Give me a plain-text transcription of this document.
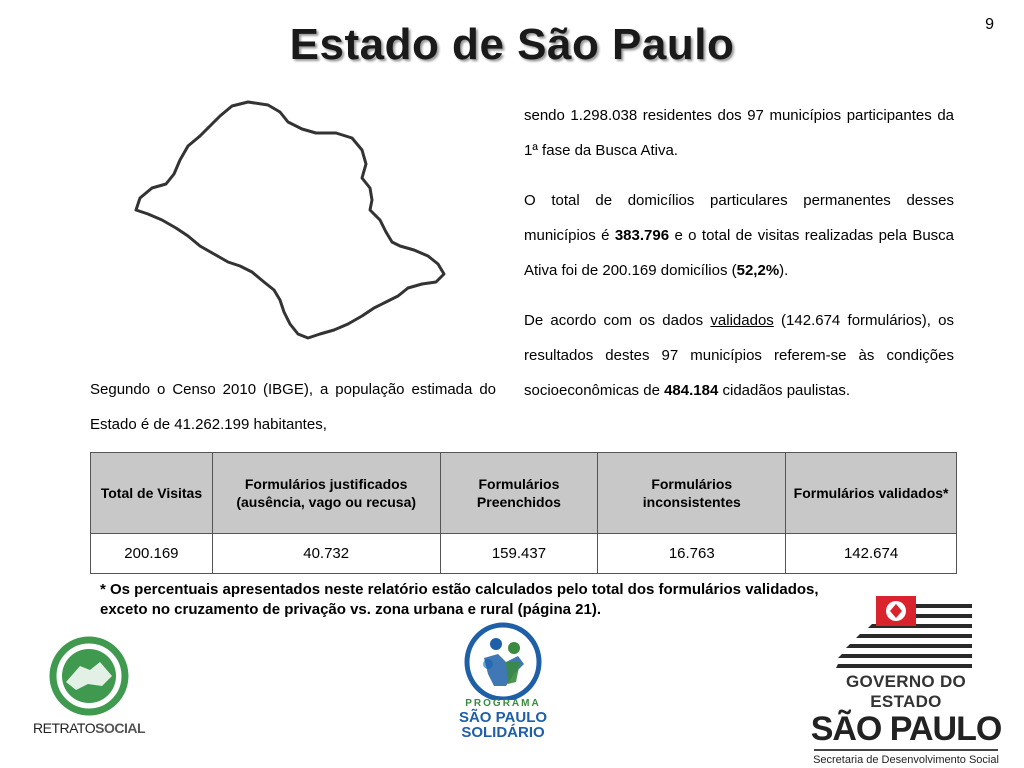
9
Estado de São Paulo
Segundo o Censo 2010 (IBGE), a população estimada do Estado é de 41.262.199 habitantes,

sendo 1.298.038 residentes dos 97 municípios participantes da 1ª fase da Busca Ativa.

O total de domicílios particulares permanentes desses municípios é 383.796 e o total de visitas realizadas pela Busca Ativa foi de 200.169 domicílios (52,2%).

De acordo com os dados validados (142.674 formulários), os resultados destes 97 municípios referem-se às condições socioeconômicas de 484.184 cidadãos paulistas.

Total de Visitas	Formulários justificados (ausência, vago ou recusa)	Formulários Preenchidos	Formulários inconsistentes	Formulários validados*
200.169	40.732	159.437	16.763	142.674
* Os percentuais apresentados neste relatório estão calculados pelo total dos formulários validados, exceto no cruzamento de privação vs. zona urbana e rural (página 21).
RETRATOSOCIAL
PROGRAMA
SÃO PAULO
SOLIDÁRIO
GOVERNO DO ESTADO
SÃO PAULO
Secretaria de Desenvolvimento Social
